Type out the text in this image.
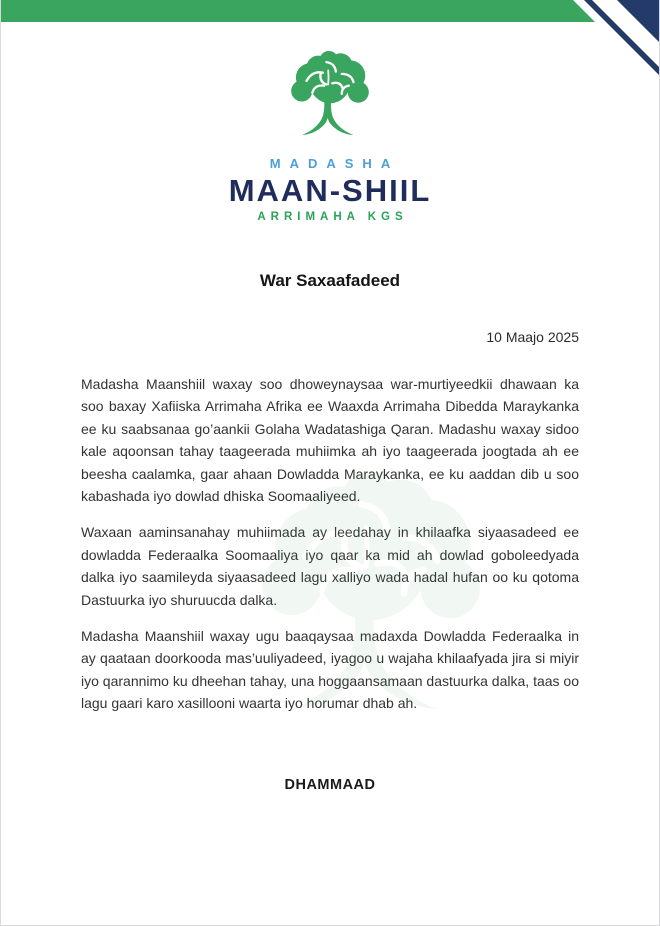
MADASHA
MAAN-SHIIL
ARRIMAHA KGS
War Saxaafadeed
10 Maajo 2025

Madasha Maanshiil waxay soo dhoweynaysaa war-murtiyeedkii dhawaan ka soo baxay Xafiiska Arrimaha Afrika ee Waaxda Arrimaha Dibedda Maraykanka ee ku saabsanaa go’aankii Golaha Wadatashiga Qaran. Madashu waxay sidoo kale aqoonsan tahay taageerada muhiimka ah iyo taageerada joogtada ah ee beesha caalamka, gaar ahaan Dowladda Maraykanka, ee ku aaddan dib u soo kabashada iyo dowlad dhiska Soomaaliyeed.

Waxaan aaminsanahay muhiimada ay leedahay in khilaafka siyaasadeed ee dowladda Federaalka Soomaaliya iyo qaar ka mid ah dowlad goboleedyada dalka iyo saamileyda siyaasadeed lagu xalliyo wada hadal hufan oo ku qotoma Dastuurka iyo shuruucda dalka.

Madasha Maanshiil waxay ugu baaqaysaa madaxda Dowladda Federaalka in ay qaataan doorkooda mas’uuliyadeed, iyagoo u wajaha khilaafyada jira si miyir iyo qarannimo ku dheehan tahay, una hoggaansamaan dastuurka dalka, taas oo lagu gaari karo xasillooni waarta iyo horumar dhab ah.

DHAMMAAD
